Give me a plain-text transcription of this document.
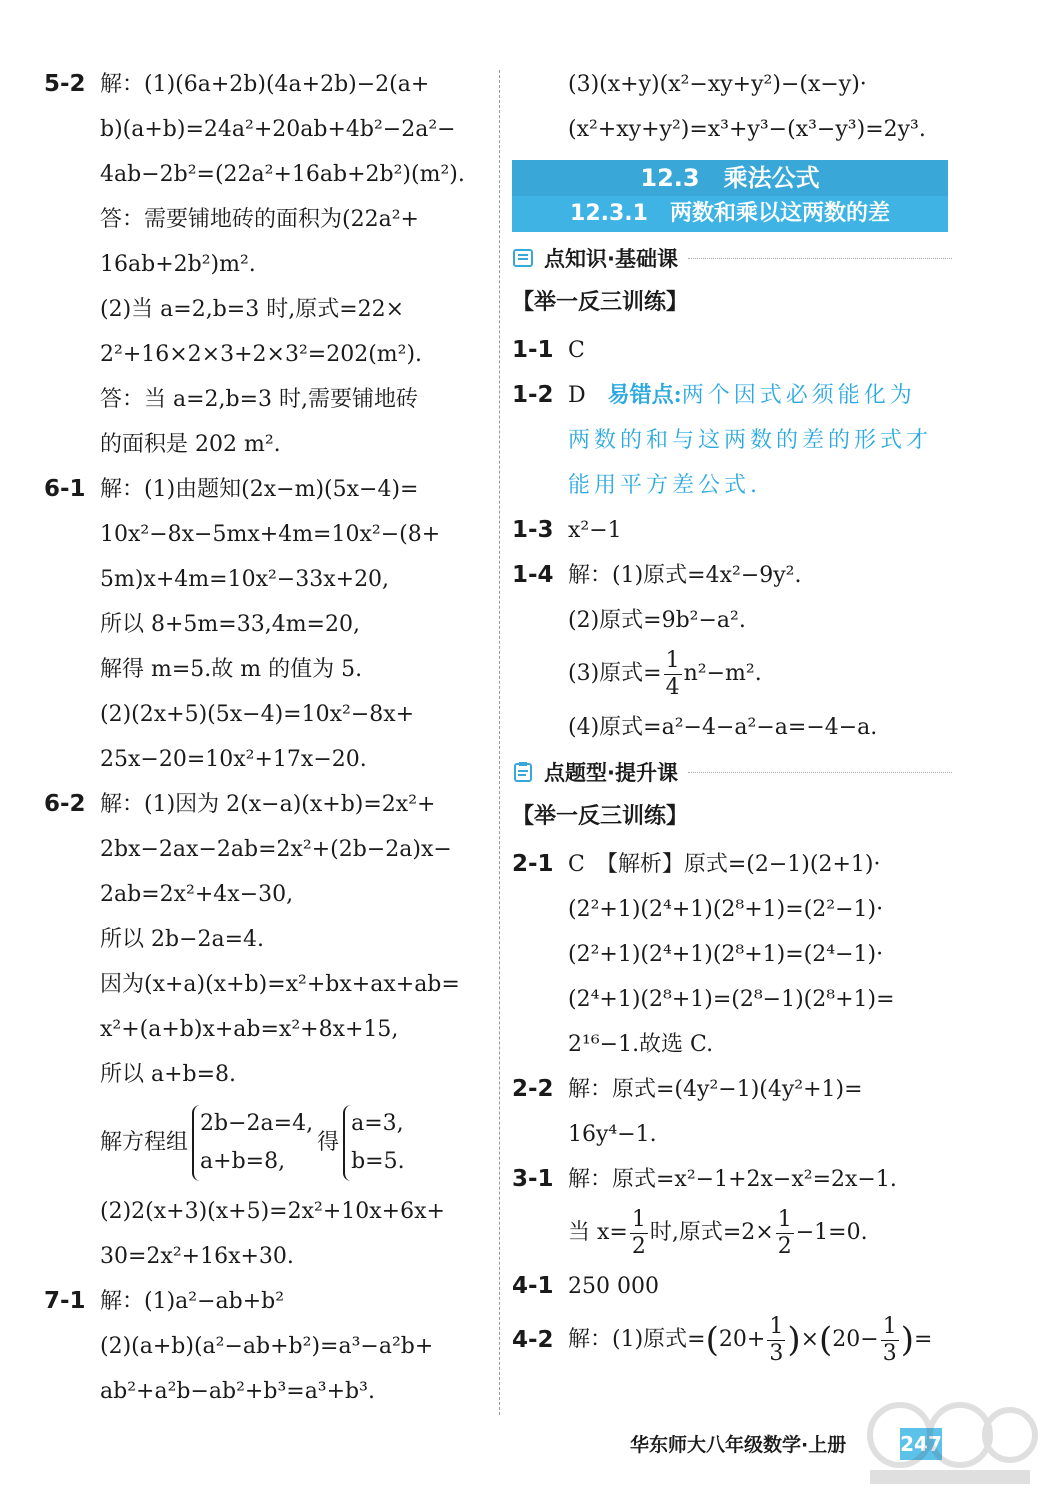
5-2 解：(1)(6a+2b)(4a+2b)−2(a+
b)(a+b)=24a²+20ab+4b²−2a²−
4ab−2b²=(22a²+16ab+2b²)(m²).
答：需要铺地砖的面积为(22a²+
16ab+2b²)m².
(2)当 a=2,b=3 时,原式=22×
2²+16×2×3+2×3²=202(m²).
答：当 a=2,b=3 时,需要铺地砖
的面积是 202 m².
6-1 解：(1)由题知(2x−m)(5x−4)=
10x²−8x−5mx+4m=10x²−(8+
5m)x+4m=10x²−33x+20,
所以 8+5m=33,4m=20,
解得 m=5.故 m 的值为 5.
(2)(2x+5)(5x−4)=10x²−8x+
25x−20=10x²+17x−20.
6-2 解：(1)因为 2(x−a)(x+b)=2x²+
2bx−2ax−2ab=2x²+(2b−2a)x−
2ab=2x²+4x−30,
所以 2b−2a=4.
因为(x+a)(x+b)=x²+bx+ax+ab=
x²+(a+b)x+ab=x²+8x+15,
所以 a+b=8.
解方程组
2b−2a=4,
a+b=8,
得
a=3,
b=5.
(2)2(x+3)(x+5)=2x²+10x+6x+
30=2x²+16x+30.
7-1 解：(1)a²−ab+b²
(2)(a+b)(a²−ab+b²)=a³−a²b+
ab²+a²b−ab²+b³=a³+b³.
(3)(x+y)(x²−xy+y²)−(x−y)·
(x²+xy+y²)=x³+y³−(x³−y³)=2y³.
12.3　乘法公式
12.3.1　两数和乘以这两数的差
点知识·基础课
【举一反三训练】
1-1 C
1-2 D　 易错点:两个因式必须能化为
两数的和与这两数的差的形式才
能用平方差公式.
1-3 x²−1
1-4 解：(1)原式=4x²−9y².
(2)原式=9b²−a².
(3)原式= $\frac{1}{4} n^2-m^2$.
(4)原式=a²−4−a²−a=−4−a.
点题型·提升课
【举一反三训练】
2-1 C　【解析】原式=(2−1)(2+1)·
(2²+1)(2⁴+1)(2⁸+1)=(2²−1)·
(2²+1)(2⁴+1)(2⁸+1)=(2⁴−1)·
(2⁴+1)(2⁸+1)=(2⁸−1)(2⁸+1)=
2¹⁶−1.故选 C.
2-2 解：原式=(4y²−1)(4y²+1)=
16y⁴−1.
3-1 解：原式=x²−1+2x−x²=2x−1.
当 $x= \frac{1}{2}$ 时,原式$=2\times \frac{1}{2} -1=0$.
4-1 250 000
4-2 解：(1)原式$=(20+ \frac{1}{3} )\times(20- \frac{1}{3}$ )=
华东师大八年级数学·上册	247
